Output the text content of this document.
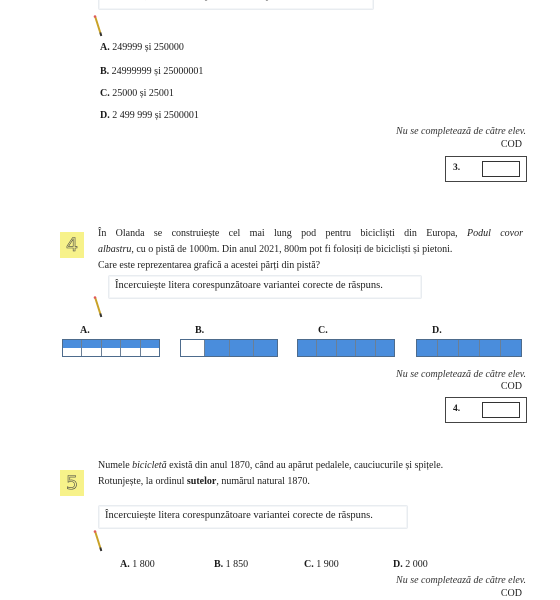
A. 249999 și 250000
B. 24999999 și 25000001
C. 25000 și 25001
D. 2 499 999 și 2500001
Nu se completează de către elev.
COD
3.
4
În Olanda se construiește cel mai lung pod pentru bicicliști din Europa, Podul covor
albastru, cu o pistă de 1000m. Din anul 2021, 800m pot fi folosiți de bicicliști și pietoni.
Care este reprezentarea grafică a acestei părți din pistă?
Încercuiește litera corespunzătoare variantei corecte de răspuns.
A.	B.	C.	D.
Nu se completează de către elev.
COD
4.
5
Numele bicicletă există din anul 1870, când au apărut pedalele, cauciucurile și spițele.
Rotunjește, la ordinul sutelor, numărul natural 1870.
Încercuiește litera corespunzătoare variantei corecte de răspuns.
A. 1 800	B. 1 850	C. 1 900	D. 2 000
Nu se completează de către elev.
COD
